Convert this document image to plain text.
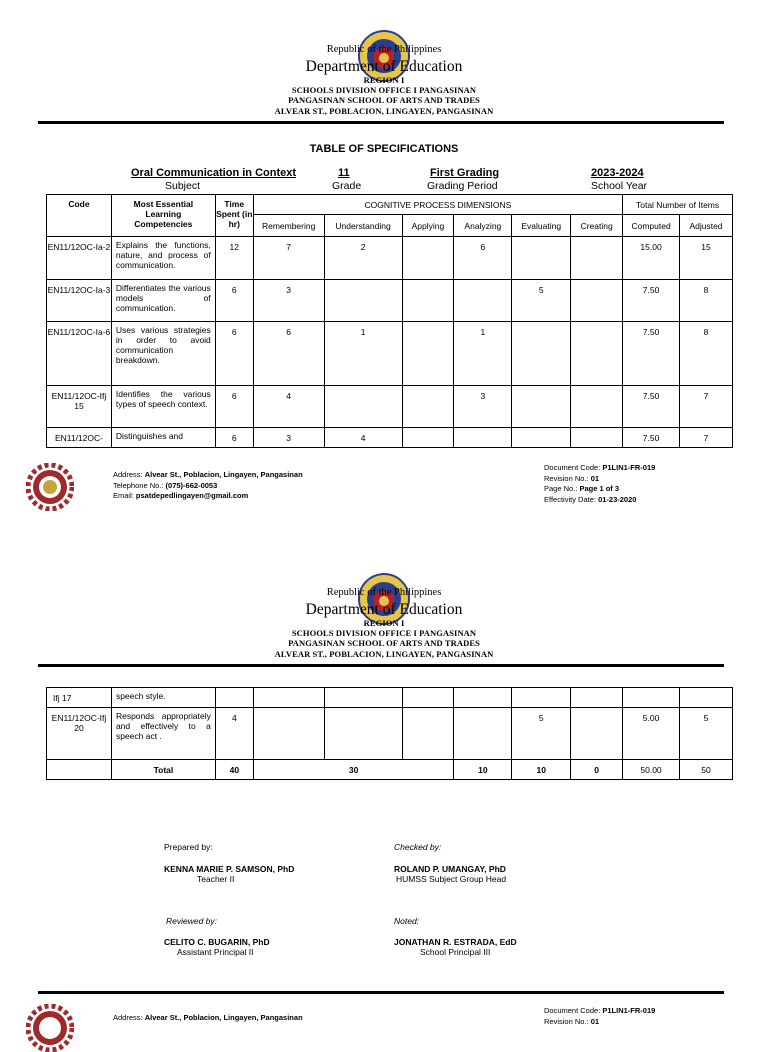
Republic of the Philippines
Department of Education
REGION I
SCHOOLS DIVISION OFFICE I PANGASINAN
PANGASINAN SCHOOL OF ARTS AND TRADES
ALVEAR ST., POBLACION, LINGAYEN, PANGASINAN
TABLE OF SPECIFICATIONS
Oral Communication in Context
Subject
11
Grade
First Grading
Grading Period
2023-2024
School Year
Code	Most Essential Learning Competencies	Time Spent (in hr)	COGNITIVE PROCESS DIMENSIONS						Total Number of Items	
			Remembering	Understanding	Applying	Analyzing	Evaluating	Creating	Computed	Adjusted
EN11/12OC-Ia-2	Explains the functions, nature, and process of communication.	12	7	2		6			15.00	15
EN11/12OC-Ia-3	Differentiates the various models of communication.	6	3				5		7.50	8
EN11/12OC-Ia-6	Uses various strategies in order to avoid communication breakdown.	6	6	1		1			7.50	8
EN11/12OC-Ifj 15	Identifies the various types of speech context.	6	4			3			7.50	7
EN11/12OC-	Distinguishes and	6	3	4					7.50	7
Address: Alvear St., Poblacion, Lingayen, Pangasinan
Telephone No.: (075)-662-0053
Email: psatdepedlingayen@gmail.com
Document Code: P1LIN1-FR-019
Revision No.: 01
Page No.: Page 1 of 3
Effectivity Date: 01-23-2020
Republic of the Philippines
Department of Education
REGION I
SCHOOLS DIVISION OFFICE I PANGASINAN
PANGASINAN SCHOOL OF ARTS AND TRADES
ALVEAR ST., POBLACION, LINGAYEN, PANGASINAN
Ifj 17	speech style.									
EN11/12OC-Ifj 20	Responds appropriately and effectively to a speech act .	4					5		5.00	5
	Total	40	30			10	10	0	50.00	50
Prepared by:
KENNA MARIE P. SAMSON, PhD
Teacher II
Checked by:
ROLAND P. UMANGAY, PhD
HUMSS Subject Group Head
Reviewed by:
CELITO C. BUGARIN, PhD
Assistant Principal II
Noted:
JONATHAN R. ESTRADA, EdD
School Principal III
Address: Alvear St., Poblacion, Lingayen, Pangasinan
Document Code: P1LIN1-FR-019
Revision No.: 01
